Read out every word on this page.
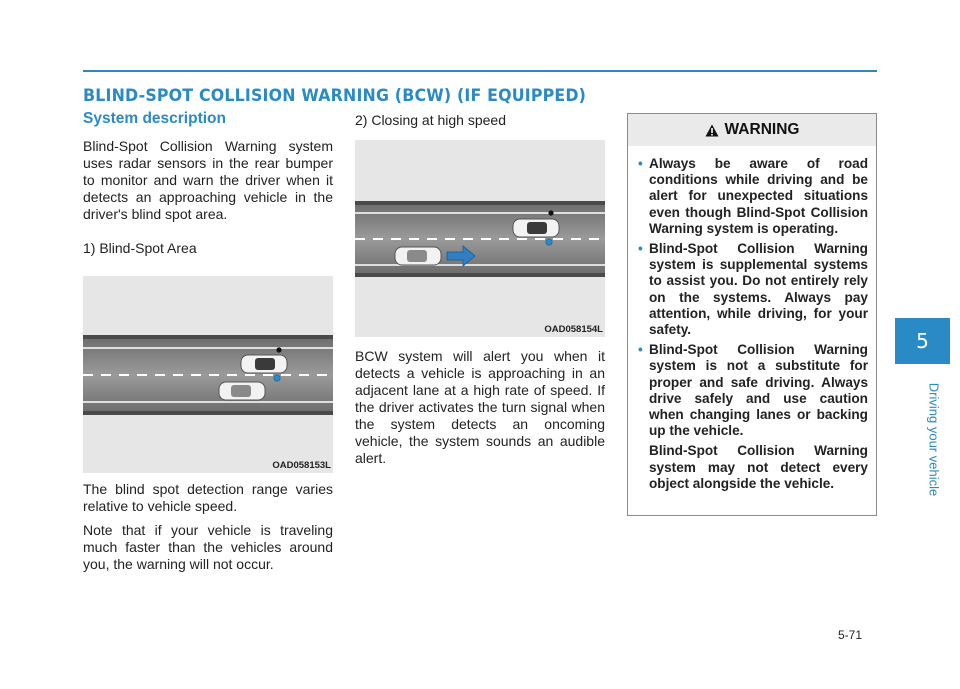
BLIND-SPOT COLLISION WARNING (BCW) (IF EQUIPPED)
System description

Blind-Spot Collision Warning system uses radar sensors in the rear bumper to monitor and warn the driver when it detects an approaching vehicle in the driver's blind spot area.

1) Blind-Spot Area

OAD058153L

The blind spot detection range varies relative to vehicle speed.

Note that if your vehicle is traveling much faster than the vehicles around you, the warning will not occur.

2) Closing at high speed

OAD058154L

BCW system will alert you when it detects a vehicle is approaching in an adjacent lane at a high rate of speed. If the driver activates the turn signal when the system detects an oncoming vehicle, the system sounds an audible alert.

WARNING
• Always be aware of road conditions while driving and be alert for unexpected situations even though Blind-Spot Collision Warning system is operating.
• Blind-Spot Collision Warning system is supplemental systems to assist you. Do not entirely rely on the systems. Always pay attention, while driving, for your safety.
• Blind-Spot Collision Warning system is not a substitute for proper and safe driving. Always drive safely and use caution when changing lanes or backing up the vehicle.
Blind-Spot Collision Warning system may not detect every object alongside the vehicle.
5
Driving your vehicle
5-71
